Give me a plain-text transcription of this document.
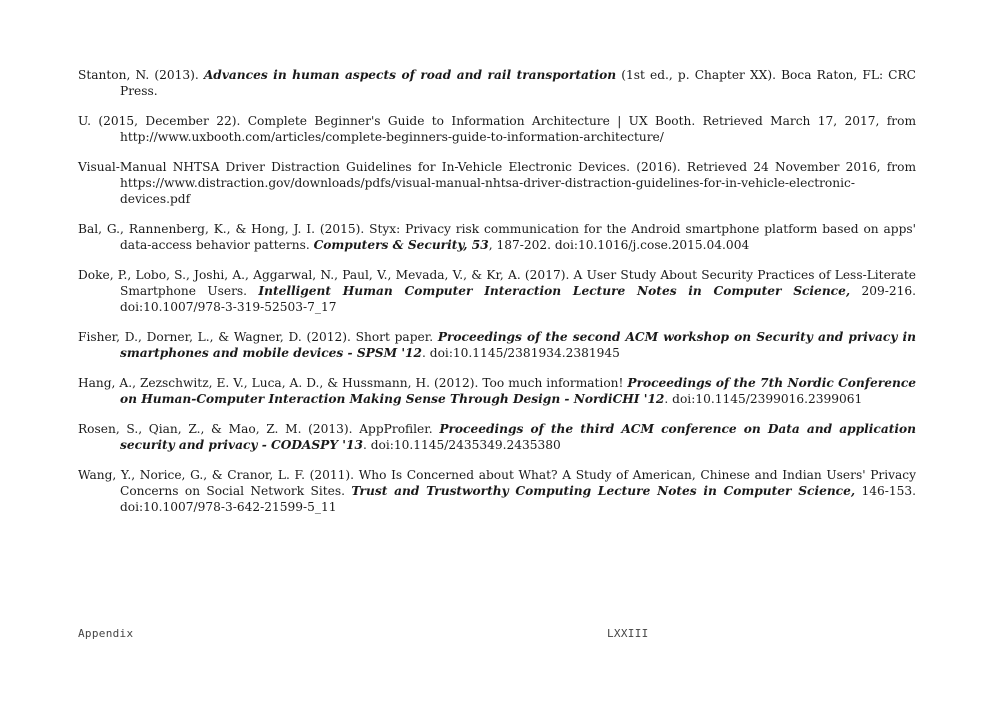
Stanton, N. (2013). Advances in human aspects of road and rail transportation (1st ed., p. Chapter XX). Boca Raton, FL: CRC Press.

U. (2015, December 22). Complete Beginner's Guide to Information Architecture | UX Booth. Retrieved March 17, 2017, from http://www.uxbooth.com/articles/complete-beginners-guide-to-information-architecture/

Visual-Manual NHTSA Driver Distraction Guidelines for In-Vehicle Electronic Devices. (2016). Retrieved 24 November 2016, from https://www.distraction.gov/downloads/pdfs/visual-manual-nhtsa-driver-distraction-guidelines-for-in-vehicle-electronic-devices.pdf

Bal, G., Rannenberg, K., & Hong, J. I. (2015). Styx: Privacy risk communication for the Android smartphone platform based on apps' data-access behavior patterns. Computers & Security, 53, 187-202. doi:10.1016/j.cose.2015.04.004

Doke, P., Lobo, S., Joshi, A., Aggarwal, N., Paul, V., Mevada, V., & Kr, A. (2017). A User Study About Security Practices of Less-Literate Smartphone Users. Intelligent Human Computer Interaction Lecture Notes in Computer Science, 209-216. doi:10.1007/978-3-319-52503-7_17

Fisher, D., Dorner, L., & Wagner, D. (2012). Short paper. Proceedings of the second ACM workshop on Security and privacy in smartphones and mobile devices - SPSM '12. doi:10.1145/2381934.2381945

Hang, A., Zezschwitz, E. V., Luca, A. D., & Hussmann, H. (2012). Too much information! Proceedings of the 7th Nordic Conference on Human-Computer Interaction Making Sense Through Design - NordiCHI '12. doi:10.1145/2399016.2399061

Rosen, S., Qian, Z., & Mao, Z. M. (2013). AppProfiler. Proceedings of the third ACM conference on Data and application security and privacy - CODASPY '13. doi:10.1145/2435349.2435380

Wang, Y., Norice, G., & Cranor, L. F. (2011). Who Is Concerned about What? A Study of American, Chinese and Indian Users' Privacy Concerns on Social Network Sites. Trust and Trustworthy Computing Lecture Notes in Computer Science, 146-153. doi:10.1007/978-3-642-21599-5_11

Appendix	LXXIII
